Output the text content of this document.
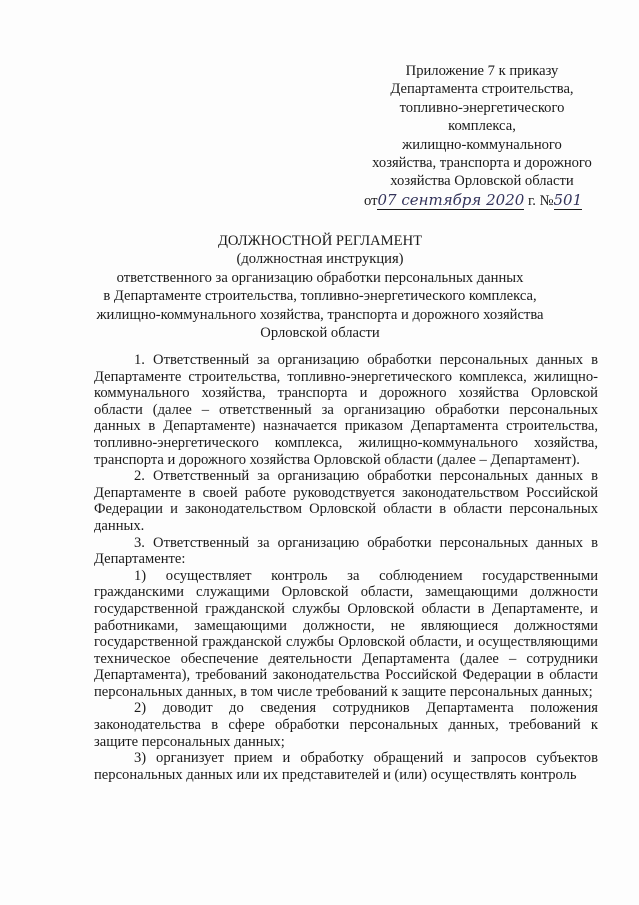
Приложение 7 к приказу
Департамента строительства,
топливно-энергетического
комплекса,
жилищно-коммунального
хозяйства, транспорта и дорожного
хозяйства Орловской области
от07 сентября 2020 г. №501
ДОЛЖНОСТНОЙ РЕГЛАМЕНТ
(должностная инструкция)
ответственного за организацию обработки персональных данных
в Департаменте строительства, топливно-энергетического комплекса,
жилищно-коммунального хозяйства, транспорта и дорожного хозяйства
Орловской области

1. Ответственный за организацию обработки персональных данных в Департаменте строительства, топливно-энергетического комплекса, жилищно-коммунального хозяйства, транспорта и дорожного хозяйства Орловской области (далее – ответственный за организацию обработки персональных данных в Департаменте) назначается приказом Департамента строительства, топливно-энергетического комплекса, жилищно-коммунального хозяйства, транспорта и дорожного хозяйства Орловской области (далее – Департамент).

2. Ответственный за организацию обработки персональных данных в Департаменте в своей работе руководствуется законодательством Российской Федерации и законодательством Орловской области в области персональных данных.

3. Ответственный за организацию обработки персональных данных в Департаменте:

1) осуществляет контроль за соблюдением государственными гражданскими служащими Орловской области, замещающими должности государственной гражданской службы Орловской области в Департаменте, и работниками, замещающими должности, не являющиеся должностями государственной гражданской службы Орловской области, и осуществляющими техническое обеспечение деятельности Департамента (далее – сотрудники Департамента), требований законодательства Российской Федерации в области персональных данных, в том числе требований к защите персональных данных;

2) доводит до сведения сотрудников Департамента положения законодательства в сфере обработки персональных данных, требований к защите персональных данных;

3) организует прием и обработку обращений и запросов субъектов персональных данных или их представителей и (или) осуществлять контроль
